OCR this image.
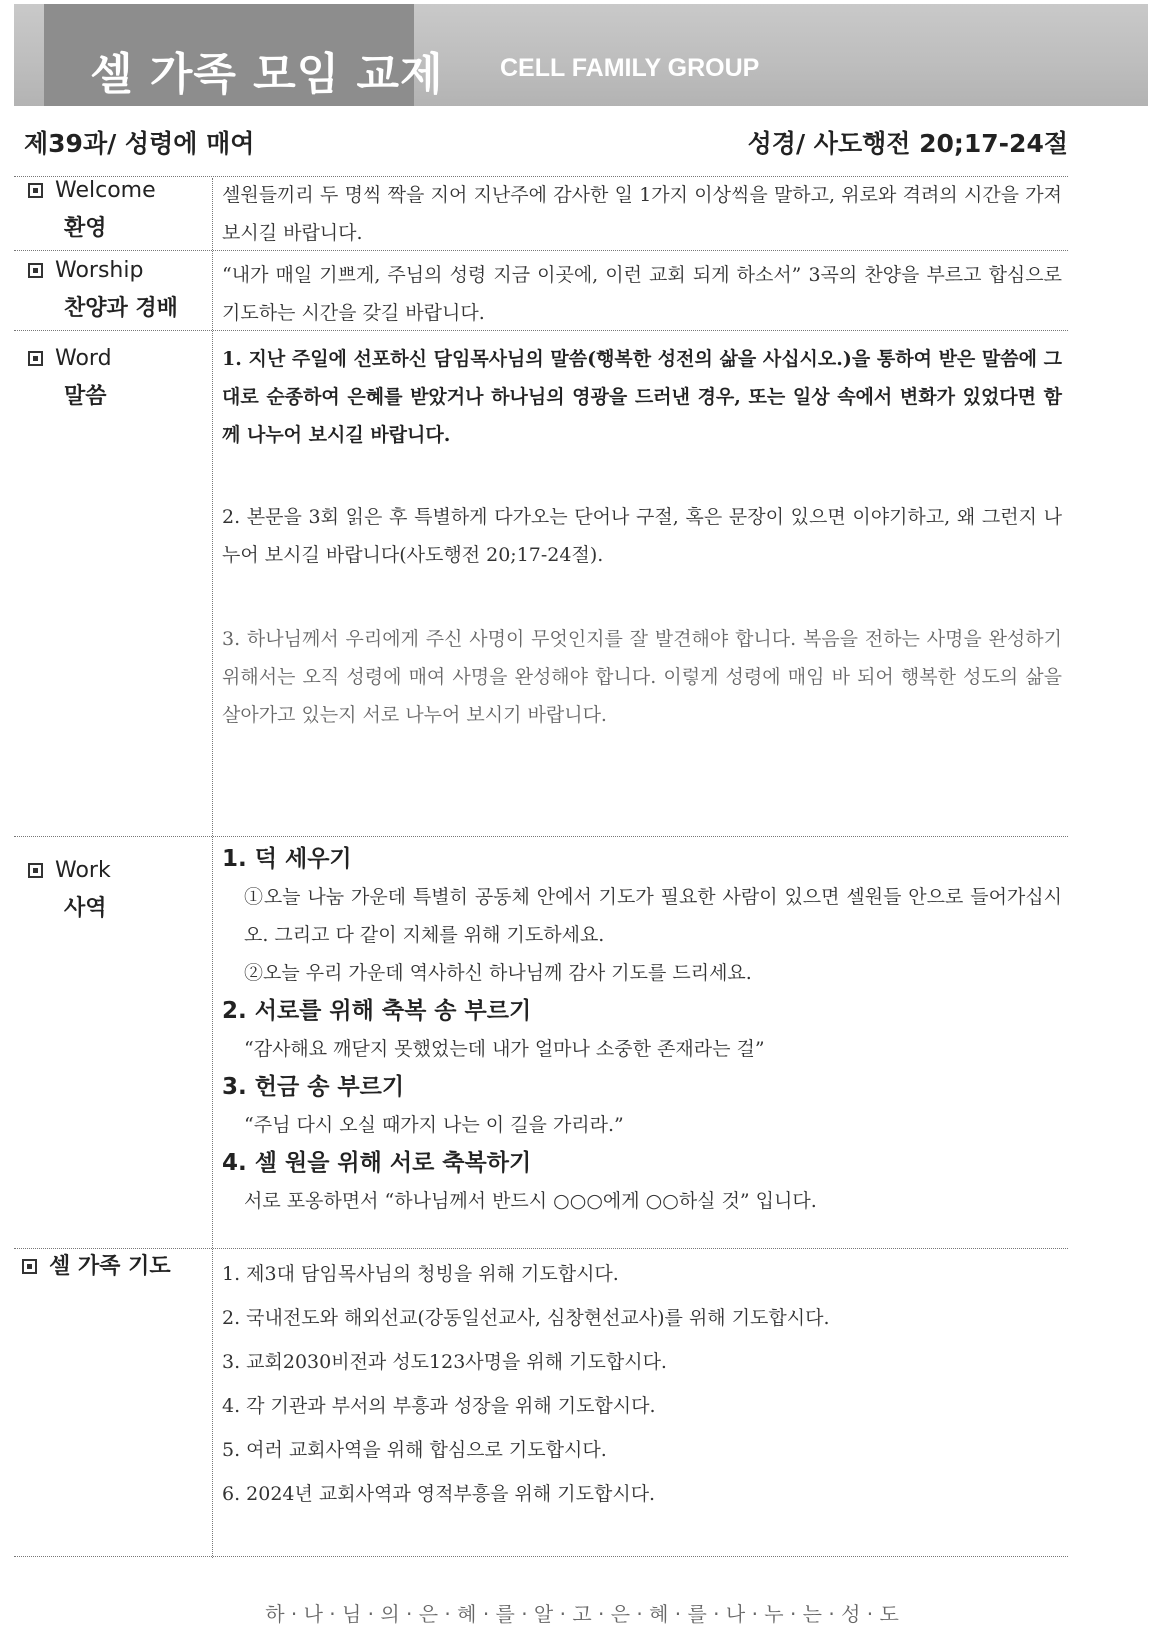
셀 가족 모임 교제 CELL FAMILY GROUP
제39과/ 성령에 매여	성경/ 사도행전 20;17-24절
Welcome
환영

셀원들끼리 두 명씩 짝을 지어 지난주에 감사한 일 1가지 이상씩을 말하고, 위로와 격려의 시간을 가져 보시길 바랍니다.

Worship
찬양과 경배

“내가 매일 기쁘게, 주님의 성령 지금 이곳에, 이런 교회 되게 하소서” 3곡의 찬양을 부르고 합심으로 기도하는 시간을 갖길 바랍니다.

Word
말씀

1. 지난 주일에 선포하신 담임목사님의 말씀(행복한 성전의 삶을 사십시오.)을 통하여 받은 말씀에 그대로 순종하여 은혜를 받았거나 하나님의 영광을 드러낸 경우, 또는 일상 속에서 변화가 있었다면 함께 나누어 보시길 바랍니다.

2. 본문을 3회 읽은 후 특별하게 다가오는 단어나 구절, 혹은 문장이 있으면 이야기하고, 왜 그런지 나누어 보시길 바랍니다(사도행전 20;17-24절).

3. 하나님께서 우리에게 주신 사명이 무엇인지를 잘 발견해야 합니다. 복음을 전하는 사명을 완성하기 위해서는 오직 성령에 매여 사명을 완성해야 합니다. 이렇게 성령에 매임 바 되어 행복한 성도의 삶을 살아가고 있는지 서로 나누어 보시기 바랍니다.

Work
사역
1. 덕 세우기

①오늘 나눔 가운데 특별히 공동체 안에서 기도가 필요한 사람이 있으면 셀원들 안으로 들어가십시오. 그리고 다 같이 지체를 위해 기도하세요.

②오늘 우리 가운데 역사하신 하나님께 감사 기도를 드리세요.

2. 서로를 위해 축복 송 부르기

“감사해요 깨닫지 못했었는데 내가 얼마나 소중한 존재라는 걸”

3. 헌금 송 부르기

“주님 다시 오실 때가지 나는 이 길을 가리라.”

4. 셀 원을 위해 서로 축복하기

서로 포옹하면서 “하나님께서 반드시 ○○○에게 ○○하실 것” 입니다.

셀 가족 기도	1. 제3대 담임목사님의 청빙을 위해 기도합시다.

2. 국내전도와 해외선교(강동일선교사, 심창현선교사)를 위해 기도합시다.

3. 교회2030비전과 성도123사명을 위해 기도합시다.

4. 각 기관과 부서의 부흥과 성장을 위해 기도합시다.

5. 여러 교회사역을 위해 합심으로 기도합시다.

6. 2024년 교회사역과 영적부흥을 위해 기도합시다.

하 · 나 · 님 · 의 · 은 · 혜 · 를 · 알 · 고 · 은 · 혜 · 를 · 나 · 누 · 는 · 성 · 도
